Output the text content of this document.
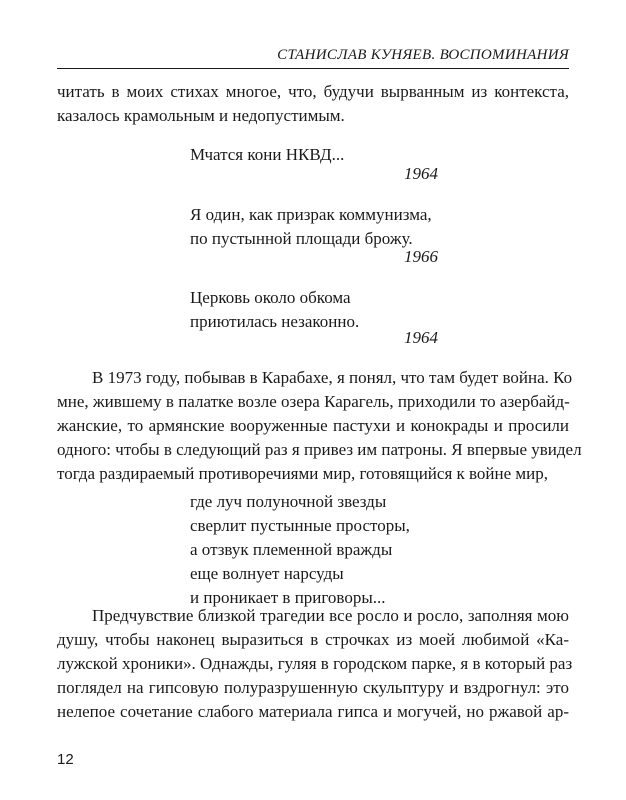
СТАНИСЛАВ КУНЯЕВ. ВОСПОМИНАНИЯ
читать в моих стихах многое, что, будучи вырванным из контекста,
казалось крамольным и недопустимым.
Мчатся кони НКВД...
1964
Я один, как призрак коммунизма,
по пустынной площади брожу.
1966
Церковь около обкома
приютилась незаконно.
1964
В 1973 году, побывав в Карабахе, я понял, что там будет война. Ко
мне, жившему в палатке возле озера Карагель, приходили то азербайд-
жанские, то армянские вооруженные пастухи и конокрады и просили
одного: чтобы в следующий раз я привез им патроны. Я впервые увидел
тогда раздираемый противоречиями мир, готовящийся к войне мир,
где луч полуночной звезды
сверлит пустынные просторы,
а отзвук племенной вражды
еще волнует нарсуды
и проникает в приговоры...
Предчувствие близкой трагедии все росло и росло, заполняя мою
душу, чтобы наконец выразиться в строчках из моей любимой «Ка-
лужской хроники». Однажды, гуляя в городском парке, я в который раз
поглядел на гипсовую полуразрушенную скульптуру и вздрогнул: это
нелепое сочетание слабого материала гипса и могучей, но ржавой ар-
12
